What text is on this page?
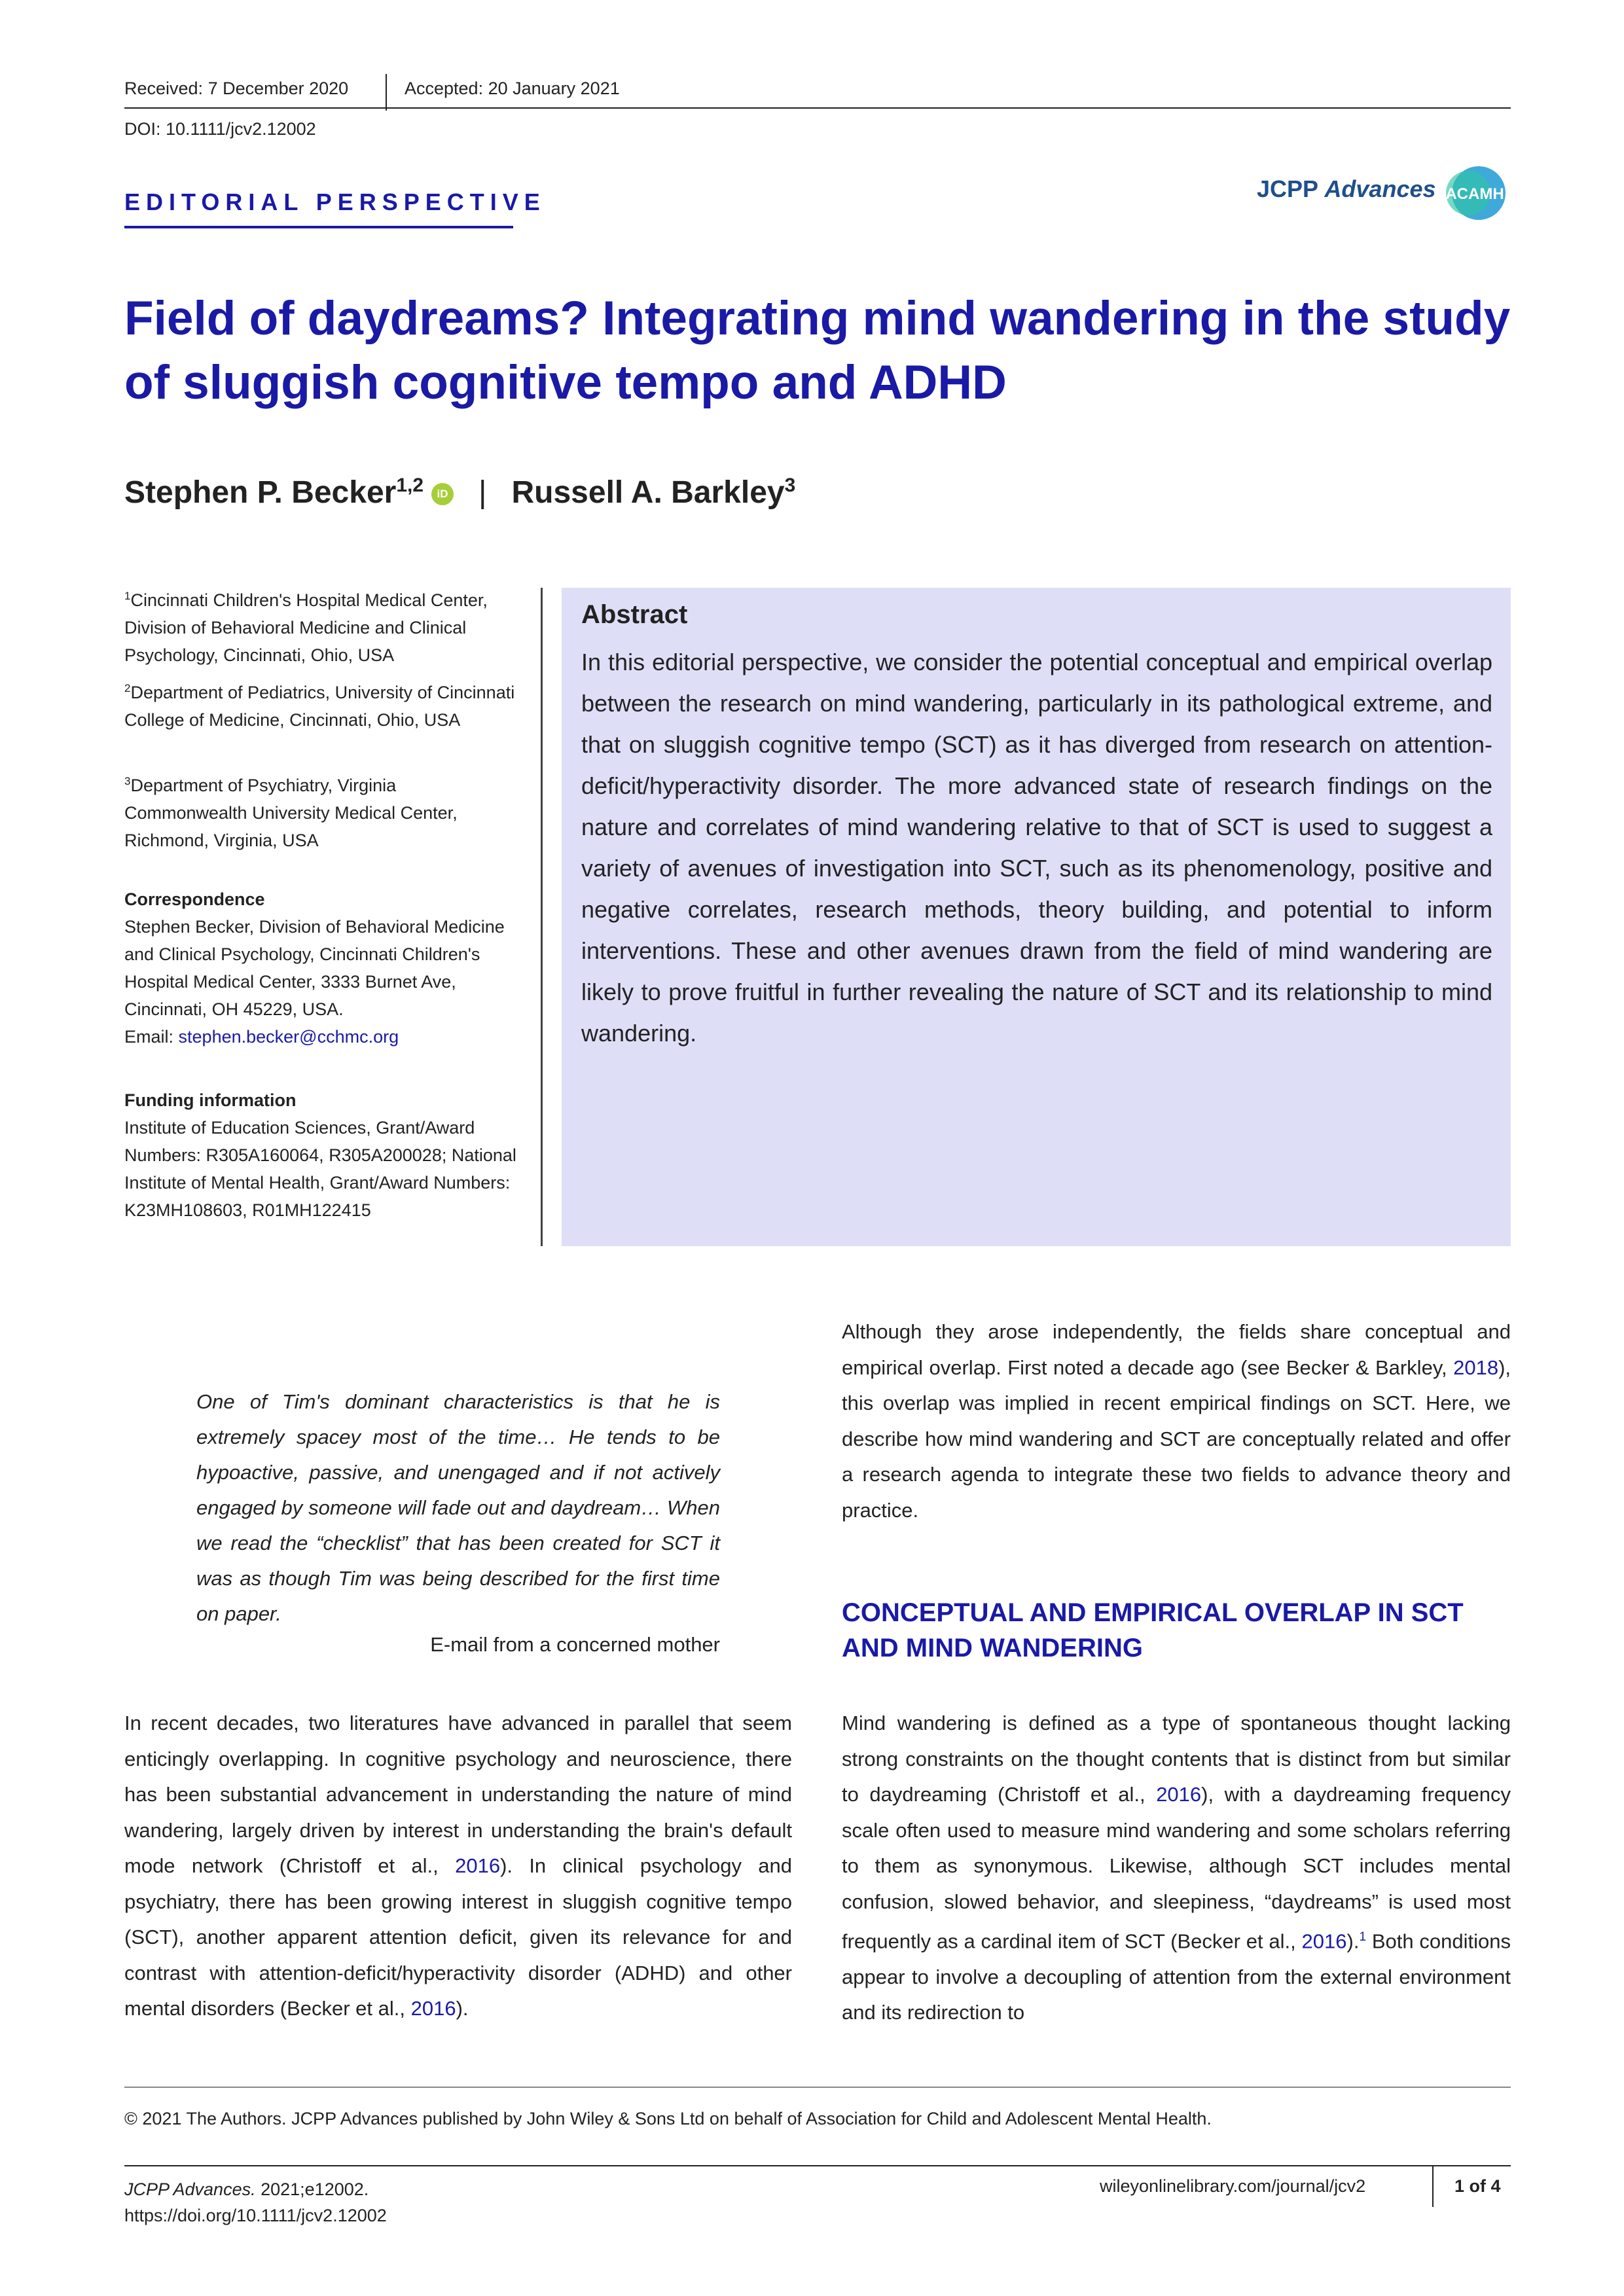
Received: 7 December 2020	Accepted: 20 January 2021
DOI: 10.1111/jcv2.12002
EDITORIAL PERSPECTIVE	JCPP Advances ACAMH
Field of daydreams? Integrating mind wandering in the study of sluggish cognitive tempo and ADHD
Stephen P. Becker$^{1,2}$ iD | Russell A. Barkley$^3$
$^1$Cincinnati Children's Hospital Medical Center, Division of Behavioral Medicine and Clinical Psychology, Cincinnati, Ohio, USA
$^2$Department of Pediatrics, University of Cincinnati College of Medicine, Cincinnati, Ohio, USA
$^3$Department of Psychiatry, Virginia Commonwealth University Medical Center, Richmond, Virginia, USA
Correspondence
Stephen Becker, Division of Behavioral Medicine and Clinical Psychology, Cincinnati Children's Hospital Medical Center, 3333 Burnet Ave, Cincinnati, OH 45229, USA.
Email: stephen.becker@cchmc.org
Funding information
Institute of Education Sciences, Grant/Award Numbers: R305A160064, R305A200028; National Institute of Mental Health, Grant/Award Numbers: K23MH108603, R01MH122415
Abstract
In this editorial perspective, we consider the potential conceptual and empirical overlap between the research on mind wandering, particularly in its pathological extreme, and that on sluggish cognitive tempo (SCT) as it has diverged from research on attention-deficit/hyperactivity disorder. The more advanced state of research findings on the nature and correlates of mind wandering relative to that of SCT is used to suggest a variety of avenues of investigation into SCT, such as its phenomenology, positive and negative correlates, research methods, theory building, and potential to inform interventions. These and other avenues drawn from the field of mind wandering are likely to prove fruitful in further revealing the nature of SCT and its relationship to mind wandering.
One of Tim's dominant characteristics is that he is extremely spacey most of the time… He tends to be hypoactive, passive, and unengaged and if not actively engaged by someone will fade out and daydream… When we read the “checklist” that has been created for SCT it was as though Tim was being described for the first time on paper.
E-mail from a concerned mother
In recent decades, two literatures have advanced in parallel that seem enticingly overlapping. In cognitive psychology and neuroscience, there has been substantial advancement in understanding the nature of mind wandering, largely driven by interest in understanding the brain's default mode network (Christoff et al., 2016). In clinical psychology and psychiatry, there has been growing interest in sluggish cognitive tempo (SCT), another apparent attention deficit, given its relevance for and contrast with attention-deficit/hyperactivity disorder (ADHD) and other mental disorders (Becker et al., 2016).
Although they arose independently, the fields share conceptual and empirical overlap. First noted a decade ago (see Becker & Barkley, 2018), this overlap was implied in recent empirical findings on SCT. Here, we describe how mind wandering and SCT are conceptually related and offer a research agenda to integrate these two fields to advance theory and practice.
CONCEPTUAL AND EMPIRICAL OVERLAP IN SCT AND MIND WANDERING
Mind wandering is defined as a type of spontaneous thought lacking strong constraints on the thought contents that is distinct from but similar to daydreaming (Christoff et al., 2016), with a daydreaming frequency scale often used to measure mind wandering and some scholars referring to them as synonymous. Likewise, although SCT includes mental confusion, slowed behavior, and sleepiness, “daydreams” is used most frequently as a cardinal item of SCT (Becker et al., 2016).$^1$ Both conditions appear to involve a decoupling of attention from the external environment and its redirection to
© 2021 The Authors. JCPP Advances published by John Wiley & Sons Ltd on behalf of Association for Child and Adolescent Mental Health.
JCPP Advances. 2021;e12002.
https://doi.org/10.1111/jcv2.12002
wileyonlinelibrary.com/journal/jcv2	1 of 4
